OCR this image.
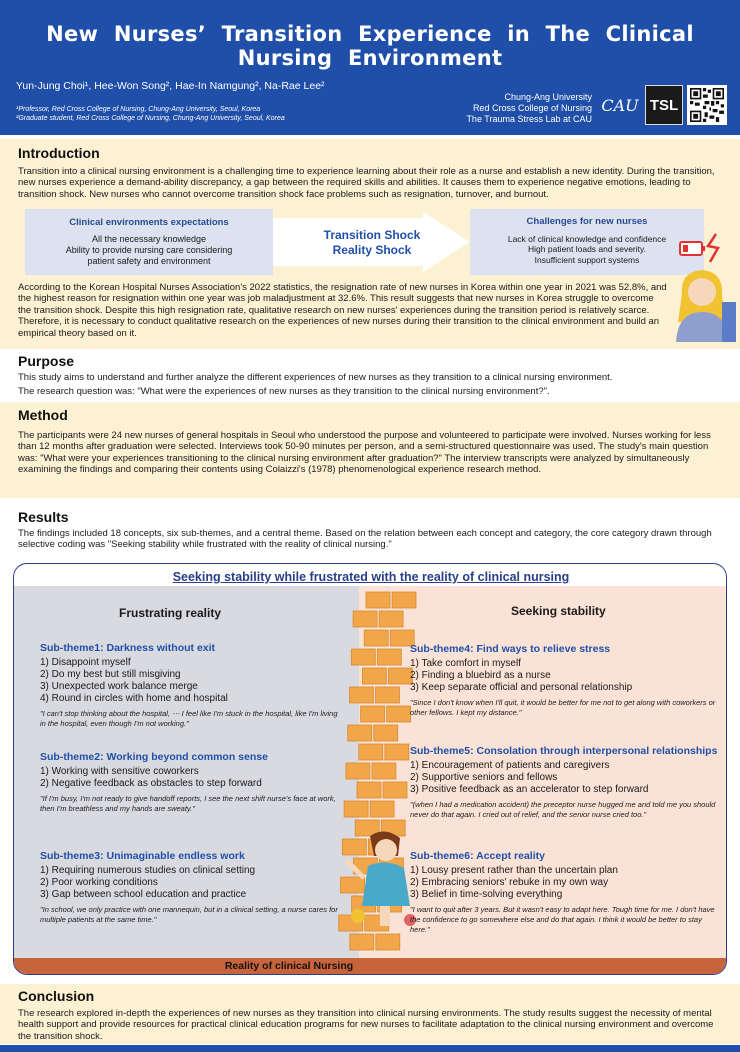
New Nurses’ Transition Experience in The Clinical Nursing Environment
Yun-Jung Choi¹, Hee-Won Song², Hae-In Namgung², Na-Rae Lee²
¹Professor, Red Cross College of Nursing, Chung-Ang University, Seoul, Korea
²Graduate student, Red Cross College of Nursing, Chung-Ang University, Seoul, Korea
Chung-Ang University
Red Cross College of Nursing
The Trauma Stress Lab at CAU
CAU TSL
Introduction
Transition into a clinical nursing environment is a challenging time to experience learning about their role as a nurse and establish a new identity. During the transition, new nurses experience a demand-ability discrepancy, a gap between the required skills and abilities. It causes them to experience negative emotions, leading to transition shock. New nurses who cannot overcome transition shock face problems such as resignation, turnover, and burnout.
Clinical environments expectations
All the necessary knowledge
Ability to provide nursing care considering
patient safety and environment
Transition Shock
Reality Shock
Challenges for new nurses
Lack of clinical knowledge and confidence
High patient loads and severity.
Insufficient support systems
According to the Korean Hospital Nurses Association's 2022 statistics, the resignation rate of new nurses in Korea within one year in 2021 was 52.8%, and the highest reason for resignation within one year was job maladjustment at 32.6%. This result suggests that new nurses in Korea struggle to overcome the transition shock. Despite this high resignation rate, qualitative research on new nurses' experiences during the transition period is relatively scarce. Therefore, it is necessary to conduct qualitative research on the experiences of new nurses during their transition to the clinical environment and build an empirical theory based on it.
Purpose
This study aims to understand and further analyze the different experiences of new nurses as they transition to a clinical nursing environment.
The research question was: "What were the experiences of new nurses as they transition to the clinical nursing environment?".
Method
The participants were 24 new nurses of general hospitals in Seoul who understood the purpose and volunteered to participate were involved. Nurses working for less than 12 months after graduation were selected. Interviews took 50-90 minutes per person, and a semi-structured questionnaire was used. The study's main question was: "What were your experiences transitioning to the clinical nursing environment after graduation?" The interview transcripts were analyzed by simultaneously examining the findings and comparing their contents using Colaizzi's (1978) phenomenological experience research method.
Results
The findings included 18 concepts, six sub-themes, and a central theme. Based on the relation between each concept and category, the core category drawn through selective coding was "Seeking stability while frustrated with the reality of clinical nursing."
Seeking stability while frustrated with the reality of clinical nursing
Frustrating reality	Seeking stability
Sub-theme1: Darkness without exit
1) Disappoint myself
2) Do my best but still misgiving
3) Unexpected work balance merge
4) Round in circles with home and hospital
"I can't stop thinking about the hospital, ⋯ I feel like I'm stuck in the hospital, like I'm living in the hospital, even though I'm not working."
Sub-theme2: Working beyond common sense
1) Working with sensitive coworkers
2) Negative feedback as obstacles to step forward
"If I'm busy, I'm not ready to give handoff reports, I see the next shift nurse's face at work, then I'm breathless and my hands are sweaty."
Sub-theme3: Unimaginable endless work
1) Requiring numerous studies on clinical setting
2) Poor working conditions
3) Gap between school education and practice
"In school, we only practice with one mannequin, but in a clinical setting, a nurse cares for multiple patients at the same time."
Sub-theme4: Find ways to relieve stress
1) Take comfort in myself
2) Finding a bluebird as a nurse
3) Keep separate official and personal relationship
"Since I don't know when I'll quit, it would be better for me not to get along with coworkers or other fellows. I kept my distance."
Sub-theme5: Consolation through interpersonal relationships
1) Encouragement of patients and caregivers
2) Supportive seniors and fellows
3) Positive feedback as an accelerator to step forward
"(when I had a medication accident) the preceptor nurse hugged me and told me you should never do that again. I cried out of relief, and the senior nurse cried too."
Sub-theme6: Accept reality
1) Lousy present rather than the uncertain plan
2) Embracing seniors' rebuke in my own way
3) Belief in time-solving everything
"I want to quit after 3 years. But it wasn't easy to adapt here. Tough time for me. I don't have the confidence to go somewhere else and do that again. I think it would be better to stay here."
Reality of clinical Nursing
Conclusion
The research explored in-depth the experiences of new nurses as they transition into clinical nursing environments. The study results suggest the necessity of mental health support and provide resources for practical clinical education programs for new nurses to facilitate adaptation to the clinical nursing environment and overcome the transition shock.
